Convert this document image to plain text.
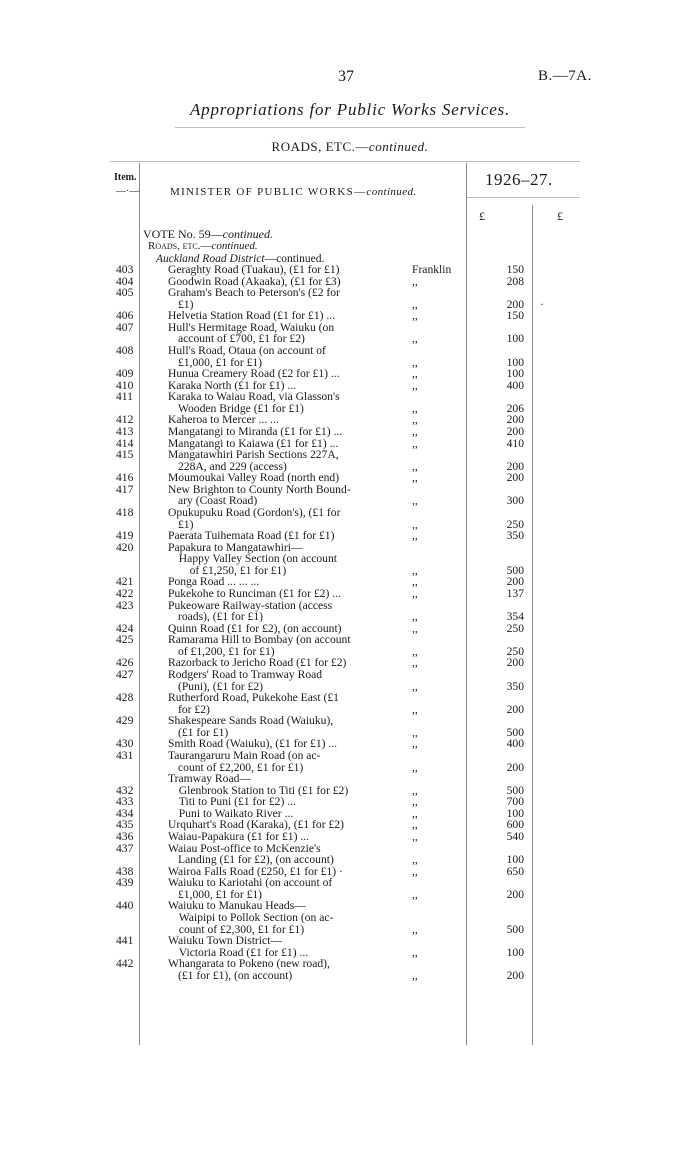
37	B.—7A.
Appropriations for Public Works Services.
ROADS, ETC.—continued.
Item.
—·—	MINISTER OF PUBLIC WORKS—continued.
1926–27.
£	£
VOTE No. 59—continued.
Roads, etc.—continued.
Auckland Road District—continued.
403	Geraghty Road (Tuakau), (£1 for £1)	Franklin	150
404	Goodwin Road (Akaaka), (£1 for £3)	,,	208
405	Graham's Beach to Peterson's (£2 for
£1)	,,	200 ·
406	Helvetia Station Road (£1 for £1) ...	,,	150
407	Hull's Hermitage Road, Waiuku (on
account of £700, £1 for £2)	,,	100
408	Hull's Road, Otaua (on account of
£1,000, £1 for £1)	,,	100
409	Hunua Creamery Road (£2 for £1) ...	,,	100
410	Karaka North (£1 for £1) ...	,,	400
411	Karaka to Waiau Road, via Glasson's
Wooden Bridge (£1 for £1)	,,	206
412	Kaheroa to Mercer ... ...	,,	200
413	Mangatangi to Miranda (£1 for £1) ...	,,	200
414	Mangatangi to Kaiawa (£1 for £1) ...	,,	410
415	Mangatawhiri Parish Sections 227A,
228A, and 229 (access)	,,	200
416	Moumoukai Valley Road (north end)	,,	200
417	New Brighton to County North Bound-
ary (Coast Road)	,,	300
418	Opukupuku Road (Gordon's), (£1 for
£1)	,,	250
419	Paerata Tuihemata Road (£1 for £1)	,,	350
420	Papakura to Mangatawhiri—
Happy Valley Section (on account
of £1,250, £1 for £1)	,,	500
421	Ponga Road ... ... ...	,,	200
422	Pukekohe to Runciman (£1 for £2) ...	,,	137
423	Pukeoware Railway-station (access
roads), (£1 for £1)	,,	354
424	Quinn Road (£1 for £2), (on account)	,,	250
425	Ramarama Hill to Bombay (on account
of £1,200, £1 for £1)	,,	250
426	Razorback to Jericho Road (£1 for £2)	,,	200
427	Rodgers' Road to Tramway Road
(Puni), (£1 for £2)	,,	350
428	Rutherford Road, Pukekohe East (£1
for £2)	,,	200
429	Shakespeare Sands Road (Waiuku),
(£1 for £1)	,,	500
430	Smith Road (Waiuku), (£1 for £1) ...	,,	400
431	Taurangaruru Main Road (on ac-
count of £2,200, £1 for £1)	,,	200
Tramway Road—
432	Glenbrook Station to Titi (£1 for £2)	,,	500
433	Titi to Puni (£1 for £2) ...	,,	700
434	Puni to Waikato River ...	,,	100
435	Urquhart's Road (Karaka), (£1 for £2)	,,	600
436	Waiau-Papakura (£1 for £1) ...	,,	540
437	Waiau Post-office to McKenzie's
Landing (£1 for £2), (on account)	,,	100
438	Wairoa Falls Road (£250, £1 for £1) ·	,,	650
439	Waiuku to Kariotahi (on account of
£1,000, £1 for £1)	,,	200
440	Waiuku to Manukau Heads—
Waipipi to Pollok Section (on ac-
count of £2,300, £1 for £1)	,,	500
441	Waiuku Town District—
Victoria Road (£1 for £1) ...	,,	100
442	Whangarata to Pokeno (new road),
(£1 for £1), (on account)	,,	200
